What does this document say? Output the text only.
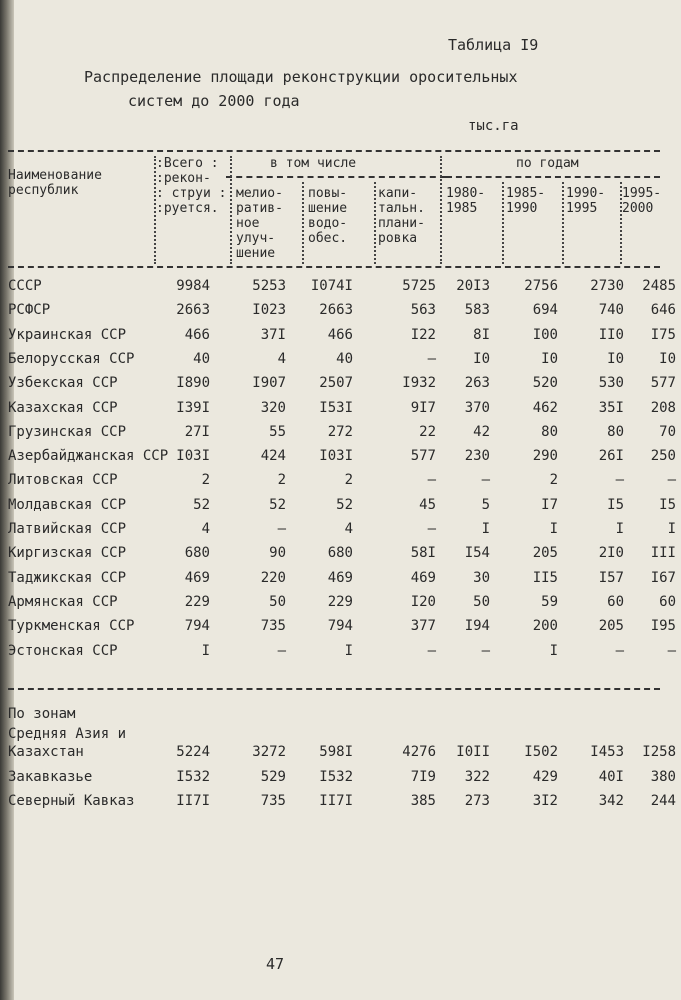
Таблица I9
Распределение площади реконструкции оросительных
систем до 2000 года
тыс.га
Наименование
республик
:Всего :
:рекон-
: струи :
:руется.
в том числе	по годам
мелио-
ратив-
ное
улуч-
шение
повы-
шение
водо-
обес.
капи-
тальн.
плани-
ровка
1980-
1985
1985-
1990
1990-
1995
1995-
2000
СССР	9984	5253	I074I	5725	20I3	2756	2730	2485
РСФСР	2663	I023	2663	563	583	694	740	646
Украинская ССР	466	37I	466	I22	8I	I00	II0	I75
Белорусская ССР	40	4	40	–	I0	I0	I0	I0
Узбекская ССР	I890	I907	2507	I932	263	520	530	577
Казахская ССР	I39I	320	I53I	9I7	370	462	35I	208
Грузинская ССР	27I	55	272	22	42	80	80	70
Азербайджанская ССР I03I	424	I03I	577	230	290	26I	250
Литовская ССР	2	2	2	–	–	2	–	–
Молдавская ССР	52	52	52	45	5	I7	I5	I5
Латвийская ССР	4	–	4	–	I	I	I	I
Киргизская ССР	680	90	680	58I	I54	205	2I0	III
Таджикская ССР	469	220	469	469	30	II5	I57	I67
Армянская ССР	229	50	229	I20	50	59	60	60
Туркменская ССР	794	735	794	377	I94	200	205	I95
Эстонская ССР	I	–	I	–	–	I	–	–
По зонам
Средняя Азия и
Казахстан	5224	3272	598I	4276	I0II	I502	I453	I258
Закавказье	I532	529	I532	7I9	322	429	40I	380
Северный Кавказ	II7I	735	II7I	385	273	3I2	342	244
47
